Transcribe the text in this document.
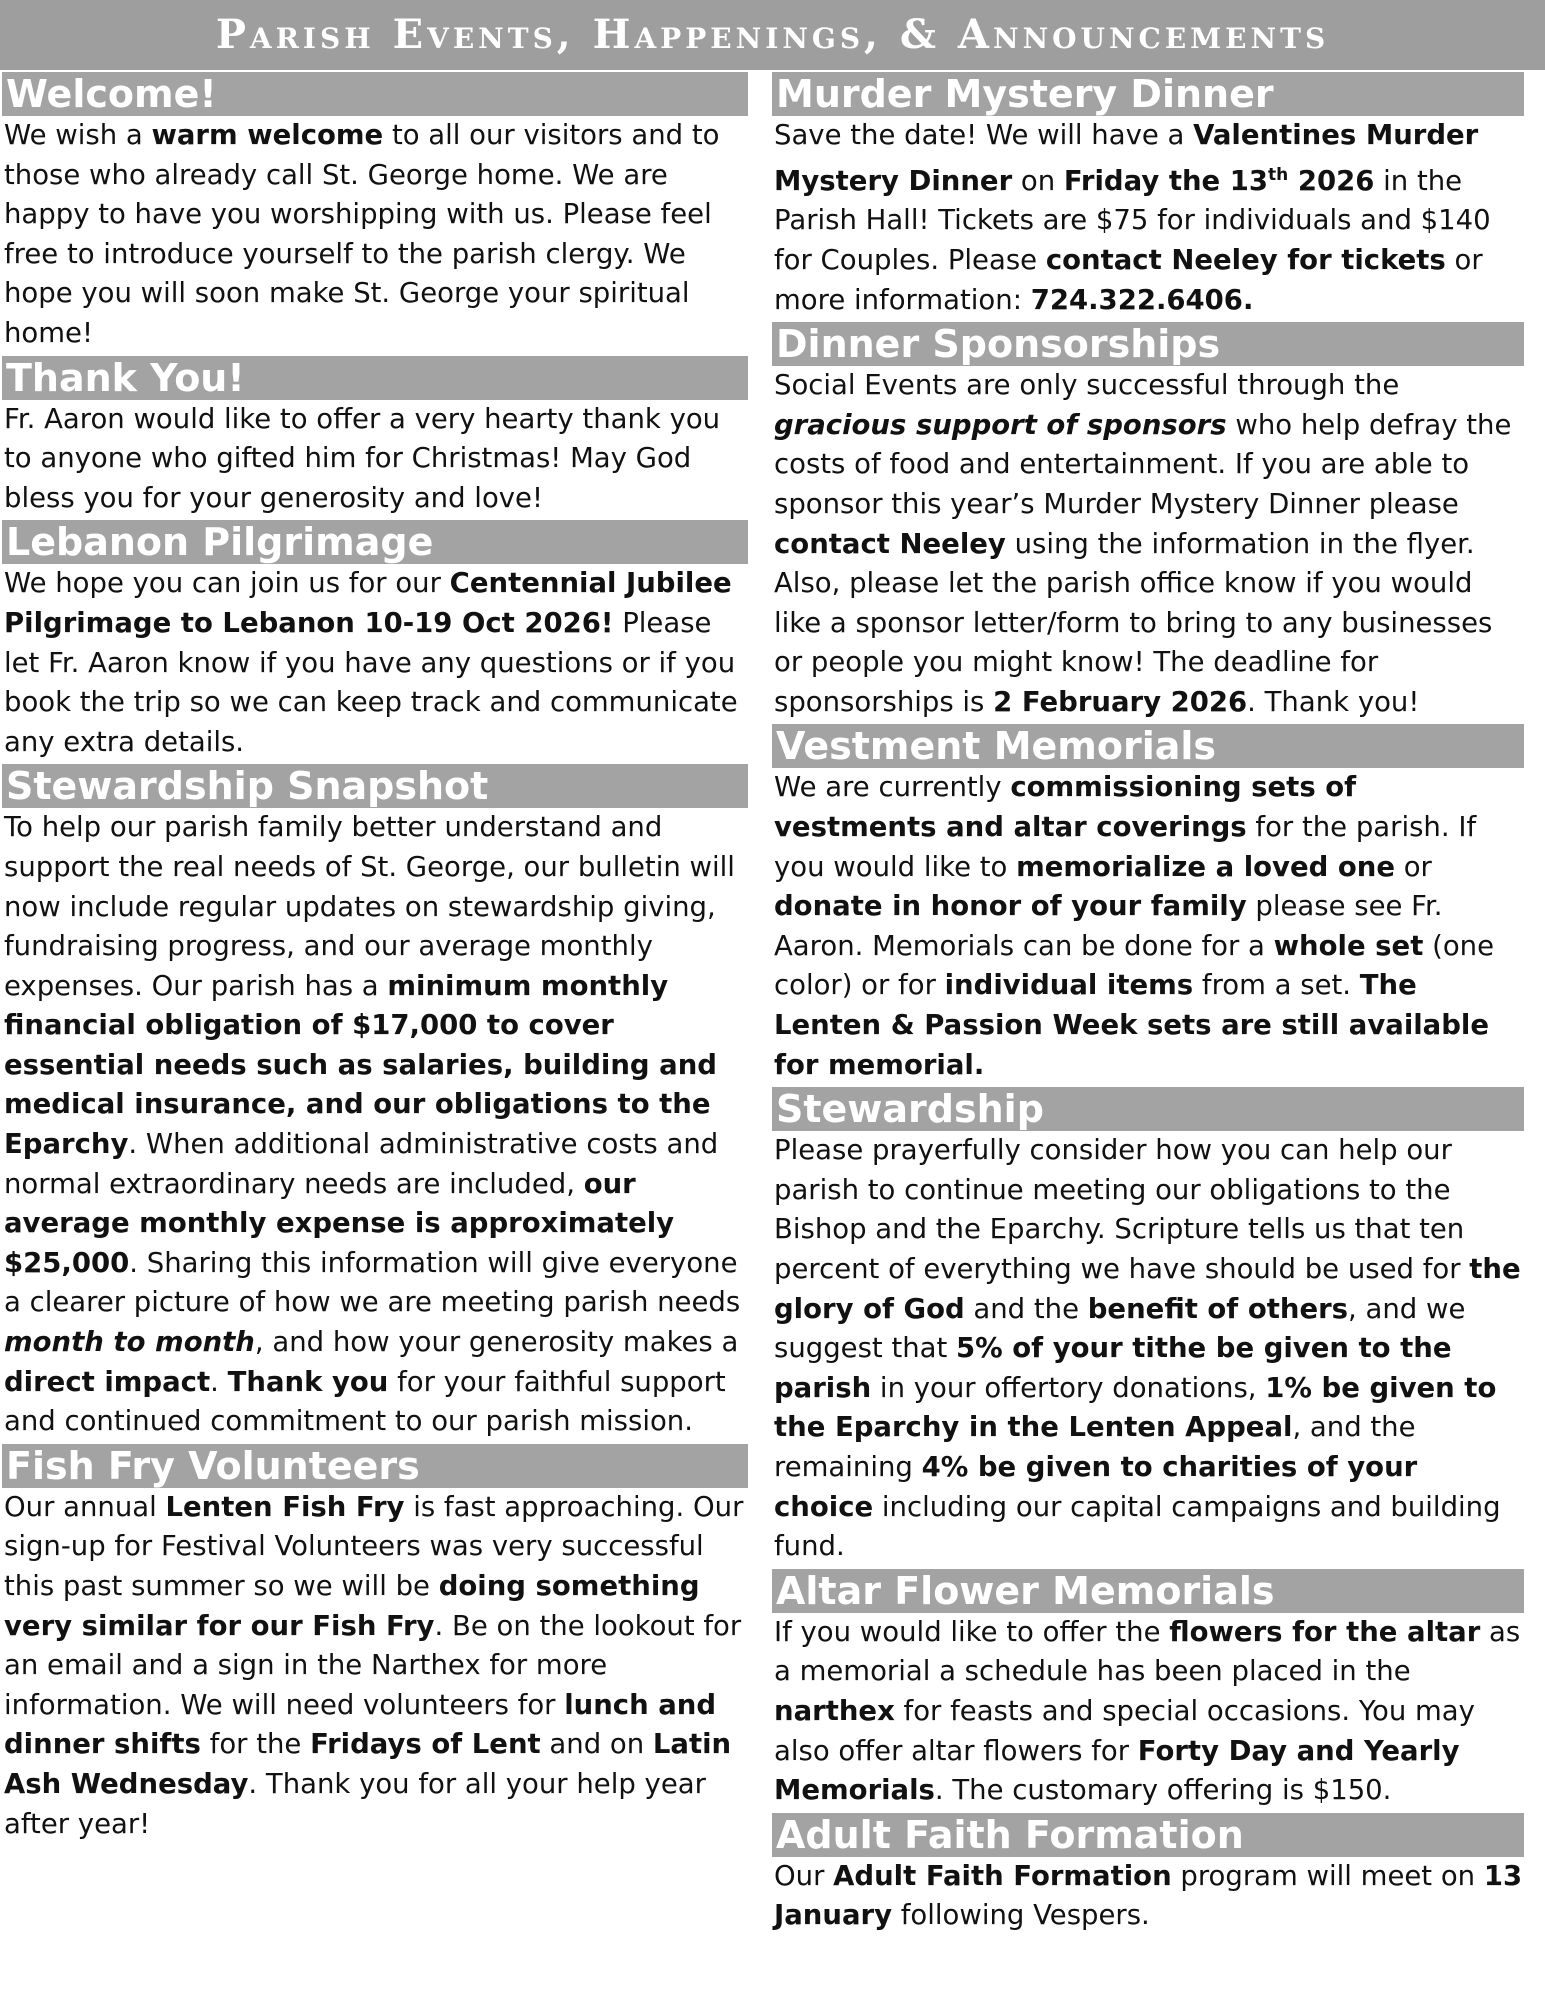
Parish Events, Happenings, & Announcements
Welcome!

We wish a warm welcome to all our visitors and to those who already call St. George home. We are happy to have you worshipping with us. Please feel free to introduce yourself to the parish clergy. We hope you will soon make St. George your spiritual home!

Thank You!

Fr. Aaron would like to offer a very hearty thank you to anyone who gifted him for Christmas! May God bless you for your generosity and love!

Lebanon Pilgrimage

We hope you can join us for our Centennial Jubilee Pilgrimage to Lebanon 10-19 Oct 2026! Please let Fr. Aaron know if you have any questions or if you book the trip so we can keep track and communicate any extra details.

Stewardship Snapshot

To help our parish family better understand and support the real needs of St. George, our bulletin will now include regular updates on stewardship giving, fundraising progress, and our average monthly expenses. Our parish has a minimum monthly financial obligation of $17,000 to cover essential needs such as salaries, building and medical insurance, and our obligations to the Eparchy. When additional administrative costs and normal extraordinary needs are included, our average monthly expense is approximately $25,000. Sharing this information will give everyone a clearer picture of how we are meeting parish needs month to month, and how your generosity makes a direct impact. Thank you for your faithful support and continued commitment to our parish mission.

Fish Fry Volunteers

Our annual Lenten Fish Fry is fast approaching. Our sign-up for Festival Volunteers was very successful this past summer so we will be doing something very similar for our Fish Fry. Be on the lookout for an email and a sign in the Narthex for more information. We will need volunteers for lunch and dinner shifts for the Fridays of Lent and on Latin Ash Wednesday. Thank you for all your help year after year!

Murder Mystery Dinner

Save the date! We will have a Valentines Murder Mystery Dinner on Friday the 13th 2026 in the Parish Hall! Tickets are $75 for individuals and $140 for Couples. Please contact Neeley for tickets or more information: 724.322.6406.

Dinner Sponsorships

Social Events are only successful through the gracious support of sponsors who help defray the costs of food and entertainment. If you are able to sponsor this year’s Murder Mystery Dinner please contact Neeley using the information in the flyer. Also, please let the parish office know if you would like a sponsor letter/form to bring to any businesses or people you might know! The deadline for sponsorships is 2 February 2026. Thank you!

Vestment Memorials

We are currently commissioning sets of vestments and altar coverings for the parish. If you would like to memorialize a loved one or donate in honor of your family please see Fr. Aaron. Memorials can be done for a whole set (one color) or for individual items from a set. The Lenten & Passion Week sets are still available for memorial.

Stewardship

Please prayerfully consider how you can help our parish to continue meeting our obligations to the Bishop and the Eparchy. Scripture tells us that ten percent of everything we have should be used for the glory of God and the benefit of others, and we suggest that 5% of your tithe be given to the parish in your offertory donations, 1% be given to the Eparchy in the Lenten Appeal, and the remaining 4% be given to charities of your choice including our capital campaigns and building fund.

Altar Flower Memorials

If you would like to offer the flowers for the altar as a memorial a schedule has been placed in the narthex for feasts and special occasions. You may also offer altar flowers for Forty Day and Yearly Memorials. The customary offering is $150.

Adult Faith Formation

Our Adult Faith Formation program will meet on 13 January following Vespers.
